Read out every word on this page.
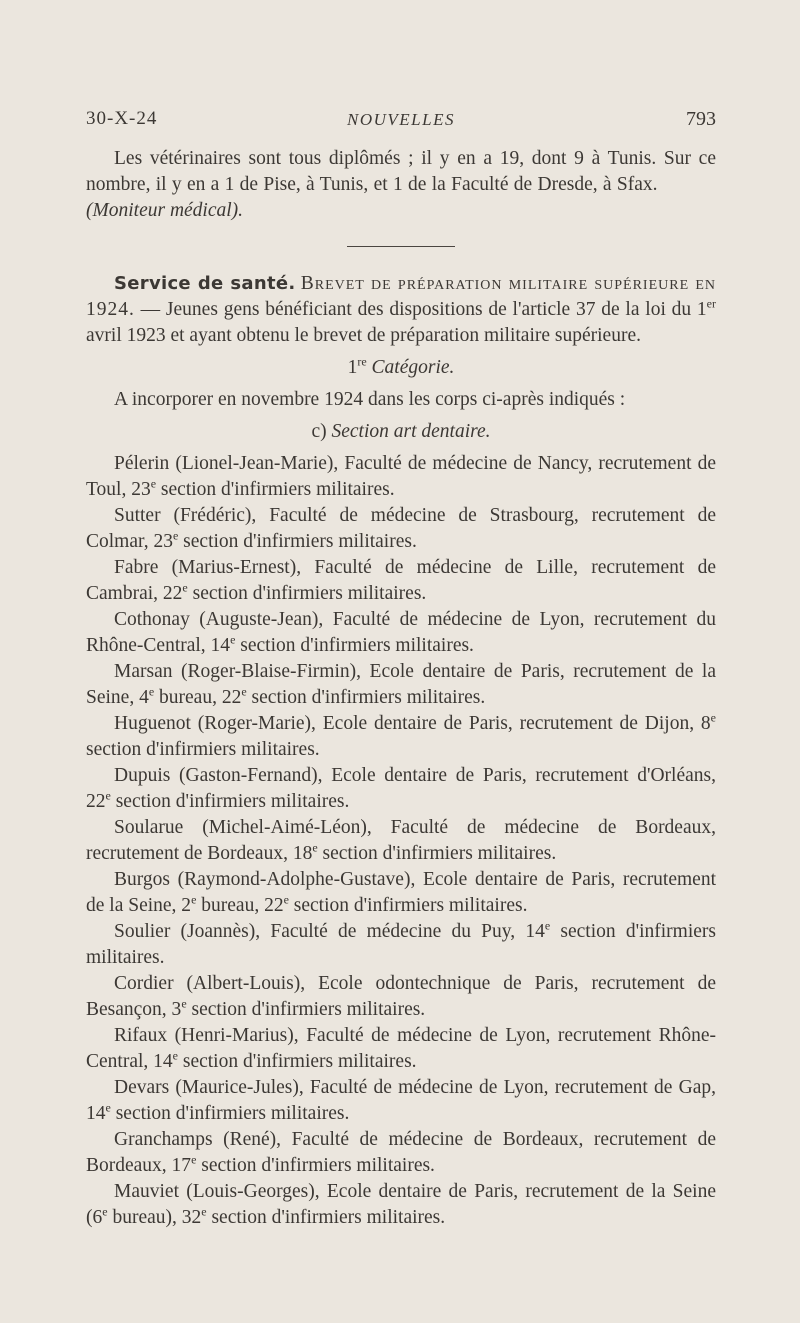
30-X-24	NOUVELLES	793

Les vétérinaires sont tous diplômés ; il y en a 19, dont 9 à Tunis. Sur ce nombre, il y en a 1 de Pise, à Tunis, et 1 de la Faculté de Dresde, à Sfax.   (Moniteur médical).

Service de santé. Brevet de préparation militaire supérieure en 1924. — Jeunes gens bénéficiant des dispositions de l'article 37 de la loi du 1er avril 1923 et ayant obtenu le brevet de préparation militaire supérieure.

1re Catégorie.

A incorporer en novembre 1924 dans les corps ci-après indiqués :

c) Section art dentaire.

Pélerin (Lionel-Jean-Marie), Faculté de médecine de Nancy, recrutement de Toul, 23e section d'infirmiers militaires.

Sutter (Frédéric), Faculté de médecine de Strasbourg, recrutement de Colmar, 23e section d'infirmiers militaires.

Fabre (Marius-Ernest), Faculté de médecine de Lille, recrutement de Cambrai, 22e section d'infirmiers militaires.

Cothonay (Auguste-Jean), Faculté de médecine de Lyon, recrutement du Rhône-Central, 14e section d'infirmiers militaires.

Marsan (Roger-Blaise-Firmin), Ecole dentaire de Paris, recrutement de la Seine, 4e bureau, 22e section d'infirmiers militaires.

Huguenot (Roger-Marie), Ecole dentaire de Paris, recrutement de Dijon, 8e section d'infirmiers militaires.

Dupuis (Gaston-Fernand), Ecole dentaire de Paris, recrutement d'Orléans, 22e section d'infirmiers militaires.

Soularue (Michel-Aimé-Léon), Faculté de médecine de Bordeaux, recrutement de Bordeaux, 18e section d'infirmiers militaires.

Burgos (Raymond-Adolphe-Gustave), Ecole dentaire de Paris, recrutement de la Seine, 2e bureau, 22e section d'infirmiers militaires.

Soulier (Joannès), Faculté de médecine du Puy, 14e section d'infirmiers militaires.

Cordier (Albert-Louis), Ecole odontechnique de Paris, recrutement de Besançon, 3e section d'infirmiers militaires.

Rifaux (Henri-Marius), Faculté de médecine de Lyon, recrutement Rhône-Central, 14e section d'infirmiers militaires.

Devars (Maurice-Jules), Faculté de médecine de Lyon, recrutement de Gap, 14e section d'infirmiers militaires.

Granchamps (René), Faculté de médecine de Bordeaux, recrutement de Bordeaux, 17e section d'infirmiers militaires.

Mauviet (Louis-Georges), Ecole dentaire de Paris, recrutement de la Seine (6e bureau), 32e section d'infirmiers militaires.
